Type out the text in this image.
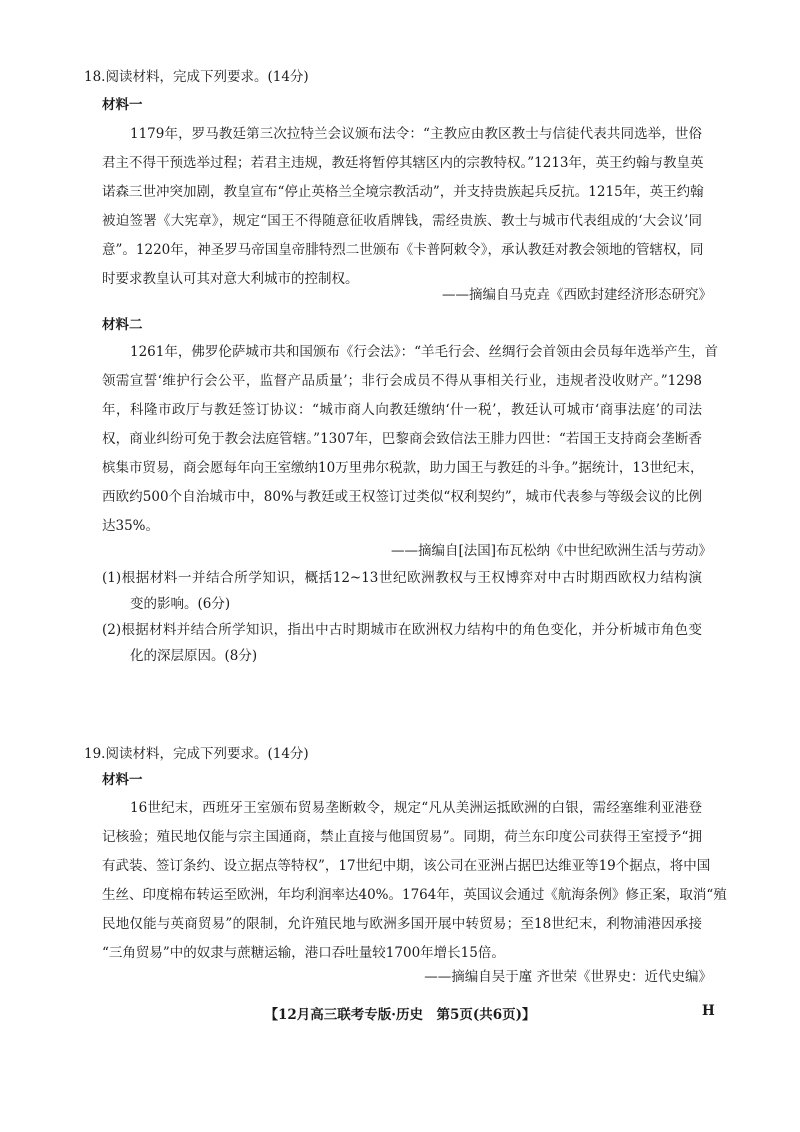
18.阅读材料，完成下列要求。(14分)

材料一

1179年，罗马教廷第三次拉特兰会议颁布法令：“主教应由教区教士与信徒代表共同选举，世俗

君主不得干预选举过程；若君主违规，教廷将暂停其辖区内的宗教特权。”1213年，英王约翰与教皇英

诺森三世冲突加剧，教皇宣布“停止英格兰全境宗教活动”，并支持贵族起兵反抗。1215年，英王约翰

被迫签署《大宪章》，规定“国王不得随意征收盾牌钱，需经贵族、教士与城市代表组成的‘大会议’同

意”。1220年，神圣罗马帝国皇帝腓特烈二世颁布《卡普阿敕令》，承认教廷对教会领地的管辖权，同

时要求教皇认可其对意大利城市的控制权。

——摘编自马克垚《西欧封建经济形态研究》

材料二

1261年，佛罗伦萨城市共和国颁布《行会法》：“羊毛行会、丝绸行会首领由会员每年选举产生，首

领需宣誓‘维护行会公平，监督产品质量’；非行会成员不得从事相关行业，违规者没收财产。”1298

年，科隆市政厅与教廷签订协议：“城市商人向教廷缴纳‘什一税’，教廷认可城市‘商事法庭’的司法

权，商业纠纷可免于教会法庭管辖。”1307年，巴黎商会致信法王腓力四世：“若国王支持商会垄断香

槟集市贸易，商会愿每年向王室缴纳10万里弗尔税款，助力国王与教廷的斗争。”据统计，13世纪末，

西欧约500个自治城市中，80%与教廷或王权签订过类似“权利契约”，城市代表参与等级会议的比例

达35%。

——摘编自[法国]布瓦松纳《中世纪欧洲生活与劳动》

(1)根据材料一并结合所学知识，概括12~13世纪欧洲教权与王权博弈对中古时期西欧权力结构演

变的影响。(6分)

(2)根据材料并结合所学知识，指出中古时期城市在欧洲权力结构中的角色变化，并分析城市角色变

化的深层原因。(8分)

19.阅读材料，完成下列要求。(14分)

材料一

16世纪末，西班牙王室颁布贸易垄断敕令，规定“凡从美洲运抵欧洲的白银，需经塞维利亚港登

记核验；殖民地仅能与宗主国通商，禁止直接与他国贸易”。同期，荷兰东印度公司获得王室授予“拥

有武装、签订条约、设立据点等特权”，17世纪中期，该公司在亚洲占据巴达维亚等19个据点，将中国

生丝、印度棉布转运至欧洲，年均利润率达40%。1764年，英国议会通过《航海条例》修正案，取消“殖

民地仅能与英商贸易”的限制，允许殖民地与欧洲多国开展中转贸易；至18世纪末，利物浦港因承接

“三角贸易”中的奴隶与蔗糖运输，港口吞吐量较1700年增长15倍。

——摘编自吴于廑 齐世荣《世界史：近代史编》

【12月高三联考专版·历史　第5页(共6页)】	H
